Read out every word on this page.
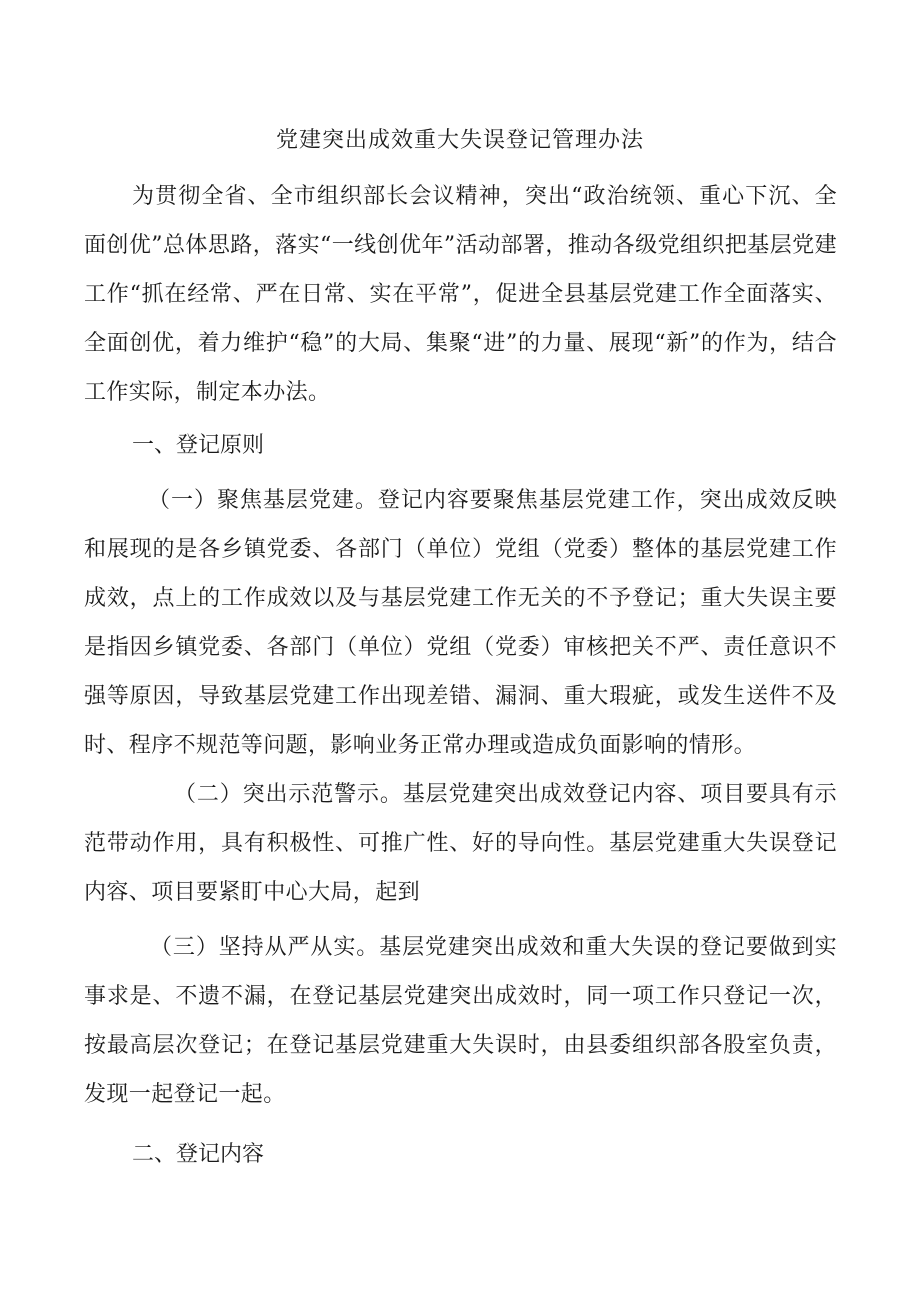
党建突出成效重大失误登记管理办法

为贯彻全省、全市组织部长会议精神，突出“政治统领、重心下沉、全面创优”总体思路，落实“一线创优年”活动部署，推动各级党组织把基层党建工作“抓在经常、严在日常、实在平常”，促进全县基层党建工作全面落实、全面创优，着力维护“稳”的大局、集聚“进”的力量、展现“新”的作为，结合工作实际，制定本办法。

一、登记原则

（一）聚焦基层党建。登记内容要聚焦基层党建工作，突出成效反映和展现的是各乡镇党委、各部门（单位）党组（党委）整体的基层党建工作成效，点上的工作成效以及与基层党建工作无关的不予登记；重大失误主要是指因乡镇党委、各部门（单位）党组（党委）审核把关不严、责任意识不强等原因，导致基层党建工作出现差错、漏洞、重大瑕疵，或发生送件不及时、程序不规范等问题，影响业务正常办理或造成负面影响的情形。

（二）突出示范警示。基层党建突出成效登记内容、项目要具有示范带动作用，具有积极性、可推广性、好的导向性。基层党建重大失误登记内容、项目要紧盯中心大局，起到

（三）坚持从严从实。基层党建突出成效和重大失误的登记要做到实事求是、不遗不漏，在登记基层党建突出成效时，同一项工作只登记一次，按最高层次登记；在登记基层党建重大失误时，由县委组织部各股室负责，发现一起登记一起。

二、登记内容
